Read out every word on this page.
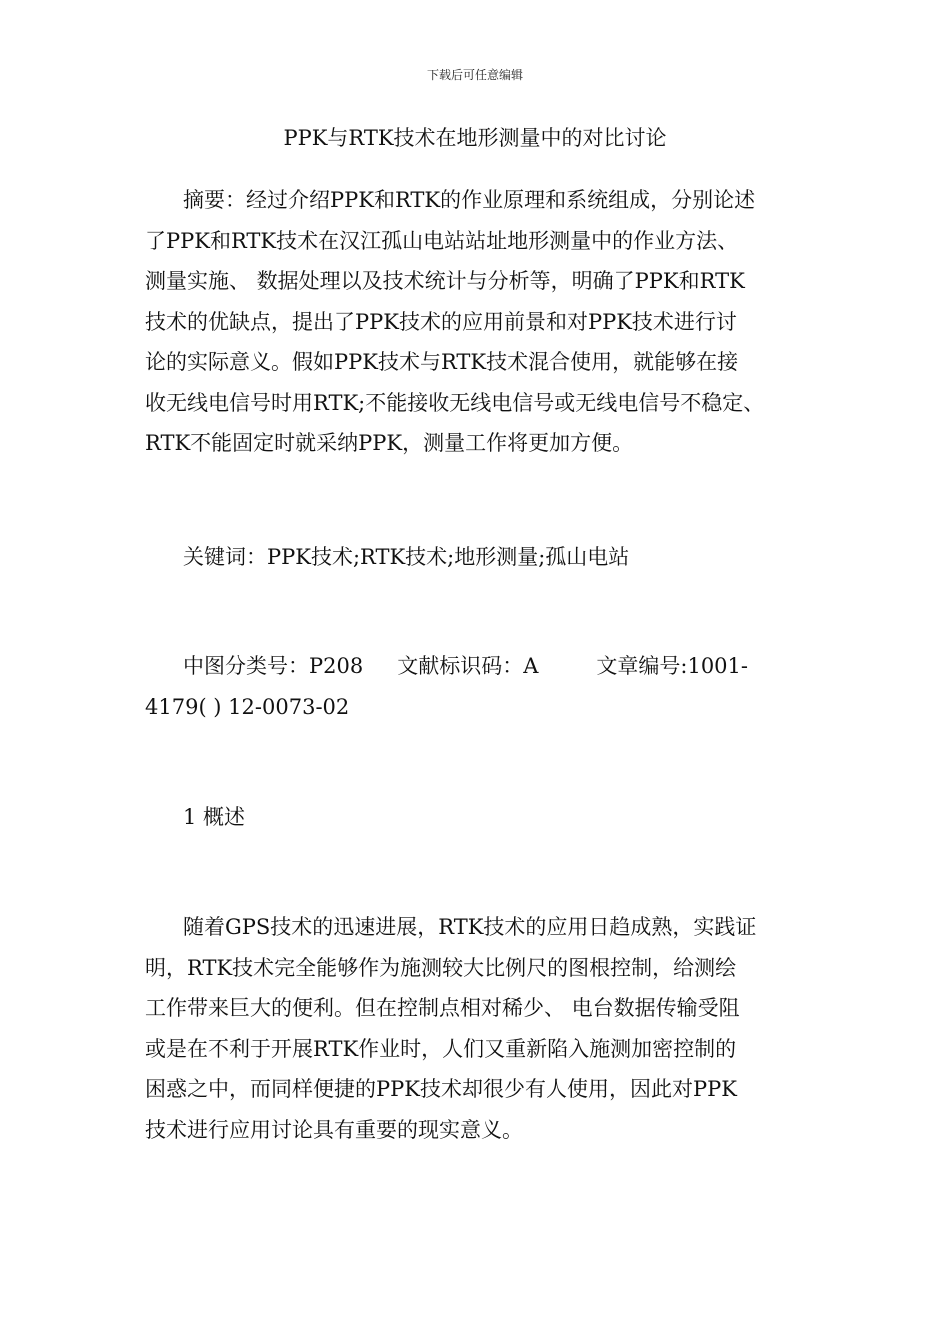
下载后可任意编辑
PPK与RTK技术在地形测量中的对比讨论
摘要：经过介绍PPK和RTK的作业原理和系统组成，分别论述
了PPK和RTK技术在汉江孤山电站站址地形测量中的作业方法、
测量实施、 数据处理以及技术统计与分析等，明确了PPK和RTK
技术的优缺点，提出了PPK技术的应用前景和对PPK技术进行讨
论的实际意义。假如PPK技术与RTK技术混合使用，就能够在接
收无线电信号时用RTK;不能接收无线电信号或无线电信号不稳定、
RTK不能固定时就采纳PPK，测量工作将更加方便。
关键词：PPK技术;RTK技术;地形测量;孤山电站
中图分类号：P208 文献标识码：A	文章编号:1001-
4179( ) 12-0073-02
1 概述
随着GPS技术的迅速进展，RTK技术的应用日趋成熟，实践证
明，RTK技术完全能够作为施测较大比例尺的图根控制，给测绘
工作带来巨大的便利。但在控制点相对稀少、 电台数据传输受阻
或是在不利于开展RTK作业时，人们又重新陷入施测加密控制的
困惑之中，而同样便捷的PPK技术却很少有人使用，因此对PPK
技术进行应用讨论具有重要的现实意义。
